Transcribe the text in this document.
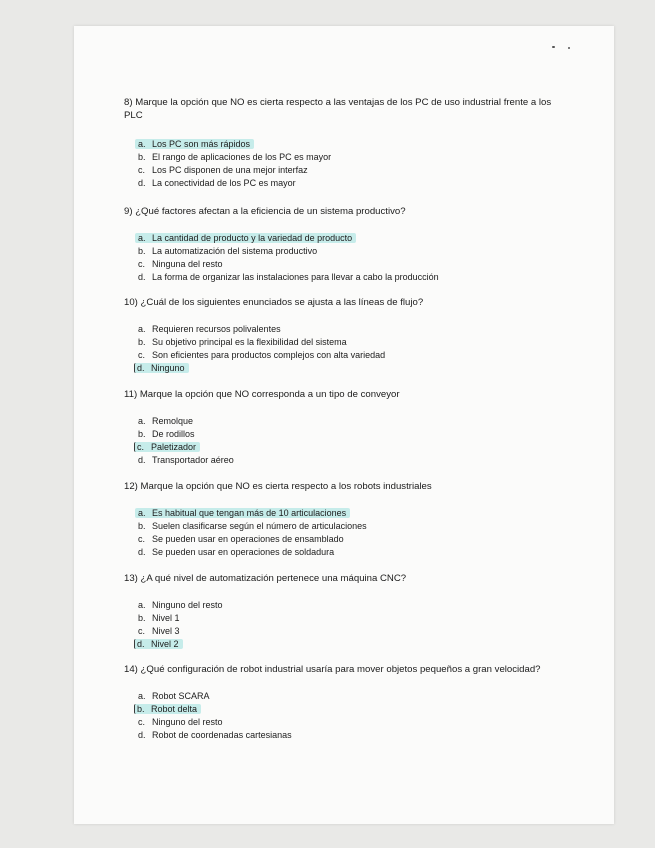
8) Marque la opción que NO es cierta respecto a las ventajas de los PC de uso industrial frente a los PLC
a. Los PC son más rápidos
b. El rango de aplicaciones de los PC es mayor
c. Los PC disponen de una mejor interfaz
d. La conectividad de los PC es mayor
9) ¿Qué factores afectan a la eficiencia de un sistema productivo?
a. La cantidad de producto y la variedad de producto
b. La automatización del sistema productivo
c. Ninguna del resto
d. La forma de organizar las instalaciones para llevar a cabo la producción
10) ¿Cuál de los siguientes enunciados se ajusta a las líneas de flujo?
a. Requieren recursos polivalentes
b. Su objetivo principal es la flexibilidad del sistema
c. Son eficientes para productos complejos con alta variedad
d. Ninguno
11) Marque la opción que NO corresponda a un tipo de conveyor
a. Remolque
b. De rodillos
c. Paletizador
d. Transportador aéreo
12) Marque la opción que NO es cierta respecto a los robots industriales
a. Es habitual que tengan más de 10 articulaciones
b. Suelen clasificarse según el número de articulaciones
c. Se pueden usar en operaciones de ensamblado
d. Se pueden usar en operaciones de soldadura
13) ¿A qué nivel de automatización pertenece una máquina CNC?
a. Ninguno del resto
b. Nivel 1
c. Nivel 3
d. Nivel 2
14) ¿Qué configuración de robot industrial usaría para mover objetos pequeños a gran velocidad?
a. Robot SCARA
b. Robot delta
c. Ninguno del resto
d. Robot de coordenadas cartesianas
